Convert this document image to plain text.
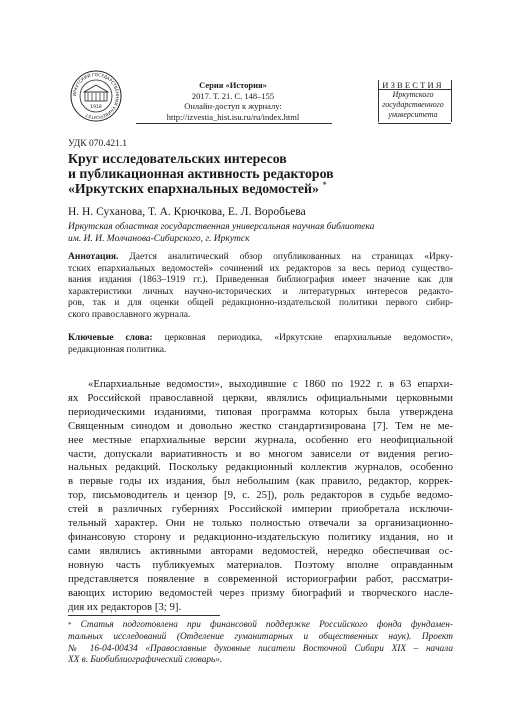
ИРКУТСКИЙ ГОСУДАРСТВЕННЫЙ УНИВЕРСИТЕТ
1918
Серия «История»
2017. Т. 21. С. 148–155
Онлайн-доступ к журналу:
http://izvestia_hist.isu.ru/ru/index.html
ИЗВЕСТИЯ
Иркутского
государственного
университета
УДК 070.421.1
Круг исследовательских интересов
и публикационная активность редакторов
«Иркутских епархиальных ведомостей» *
Н. Н. Суханова, Т. А. Крючкова, Е. Л. Воробьева
Иркутская областная государственная универсальная научная библиотека
им. И. И. Молчанова-Сибирского, г. Иркутск
Аннотация. Дается аналитический обзор опубликованных на страницах «Ирку-
тских епархиальных ведомостей» сочинений их редакторов за весь период существо-
вания издания (1863–1919 гг.). Приведенная библиография имеет значение как для
характеристики личных научно-исторических и литературных интересов редакто-
ров, так и для оценки общей редакционно-издательской политики первого сибир-
ского православного журнала.
Ключевые слова: церковная периодика, «Иркутские епархиальные ведомости»,
редакционная политика.
«Епархиальные ведомости», выходившие с 1860 по 1922 г. в 63 епархи-
ях Российской православной церкви, являлись официальными церковными
периодическими изданиями, типовая программа которых была утверждена
Священным синодом и довольно жестко стандартизирована [7]. Тем не ме-
нее местные епархиальные версии журнала, особенно его неофициальной
части, допускали вариативность и во многом зависели от видения регио-
нальных редакций. Поскольку редакционный коллектив журналов, особенно
в первые годы их издания, был небольшим (как правило, редактор, коррек-
тор, письмоводитель и цензор [9, с. 25]), роль редакторов в судьбе ведомо-
стей в различных губерниях Российской империи приобретала исключи-
тельный характер. Они не только полностью отвечали за организационно-
финансовую сторону и редакционно-издательскую политику издания, но и
сами являлись активными авторами ведомостей, нередко обеспечивая ос-
новную часть публикуемых материалов. Поэтому вполне оправданным
представляется появление в современной историографии работ, рассматри-
вающих историю ведомостей через призму биографий и творческого насле-
дия их редакторов [3; 9].
* Статья подготовлена при финансовой поддержке Российского фонда фундамен-
тальных исследований (Отделение гуманитарных и общественных наук). Проект
№ 16-04-00434 «Православные духовные писатели Восточной Сибири XIX – начала
XX в. Биобиблиографический словарь».
